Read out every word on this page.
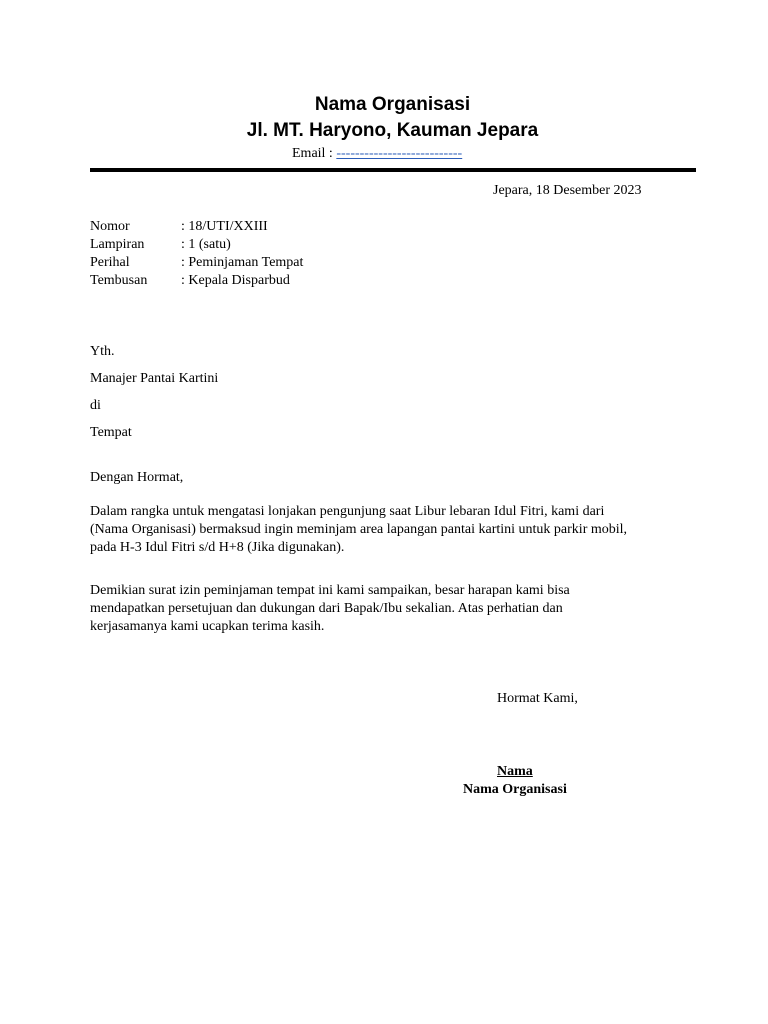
Nama Organisasi
Jl. MT. Haryono, Kauman Jepara
Email : ---------------------------
Jepara, 18 Desember 2023
Nomor	: 18/UTI/XXIII
Lampiran	: 1 (satu)
Perihal	: Peminjaman Tempat
Tembusan	: Kepala Disparbud
Yth.
Manajer Pantai Kartini
di
Tempat
Dengan Hormat,
Dalam rangka untuk mengatasi lonjakan pengunjung saat Libur lebaran Idul Fitri, kami dari
(Nama Organisasi) bermaksud ingin meminjam area lapangan pantai kartini untuk parkir mobil,
pada H-3 Idul Fitri s/d H+8 (Jika digunakan).
Demikian surat izin peminjaman tempat ini kami sampaikan, besar harapan kami bisa
mendapatkan persetujuan dan dukungan dari Bapak/Ibu sekalian. Atas perhatian dan
kerjasamanya kami ucapkan terima kasih.
Hormat Kami,
Nama
Nama Organisasi
